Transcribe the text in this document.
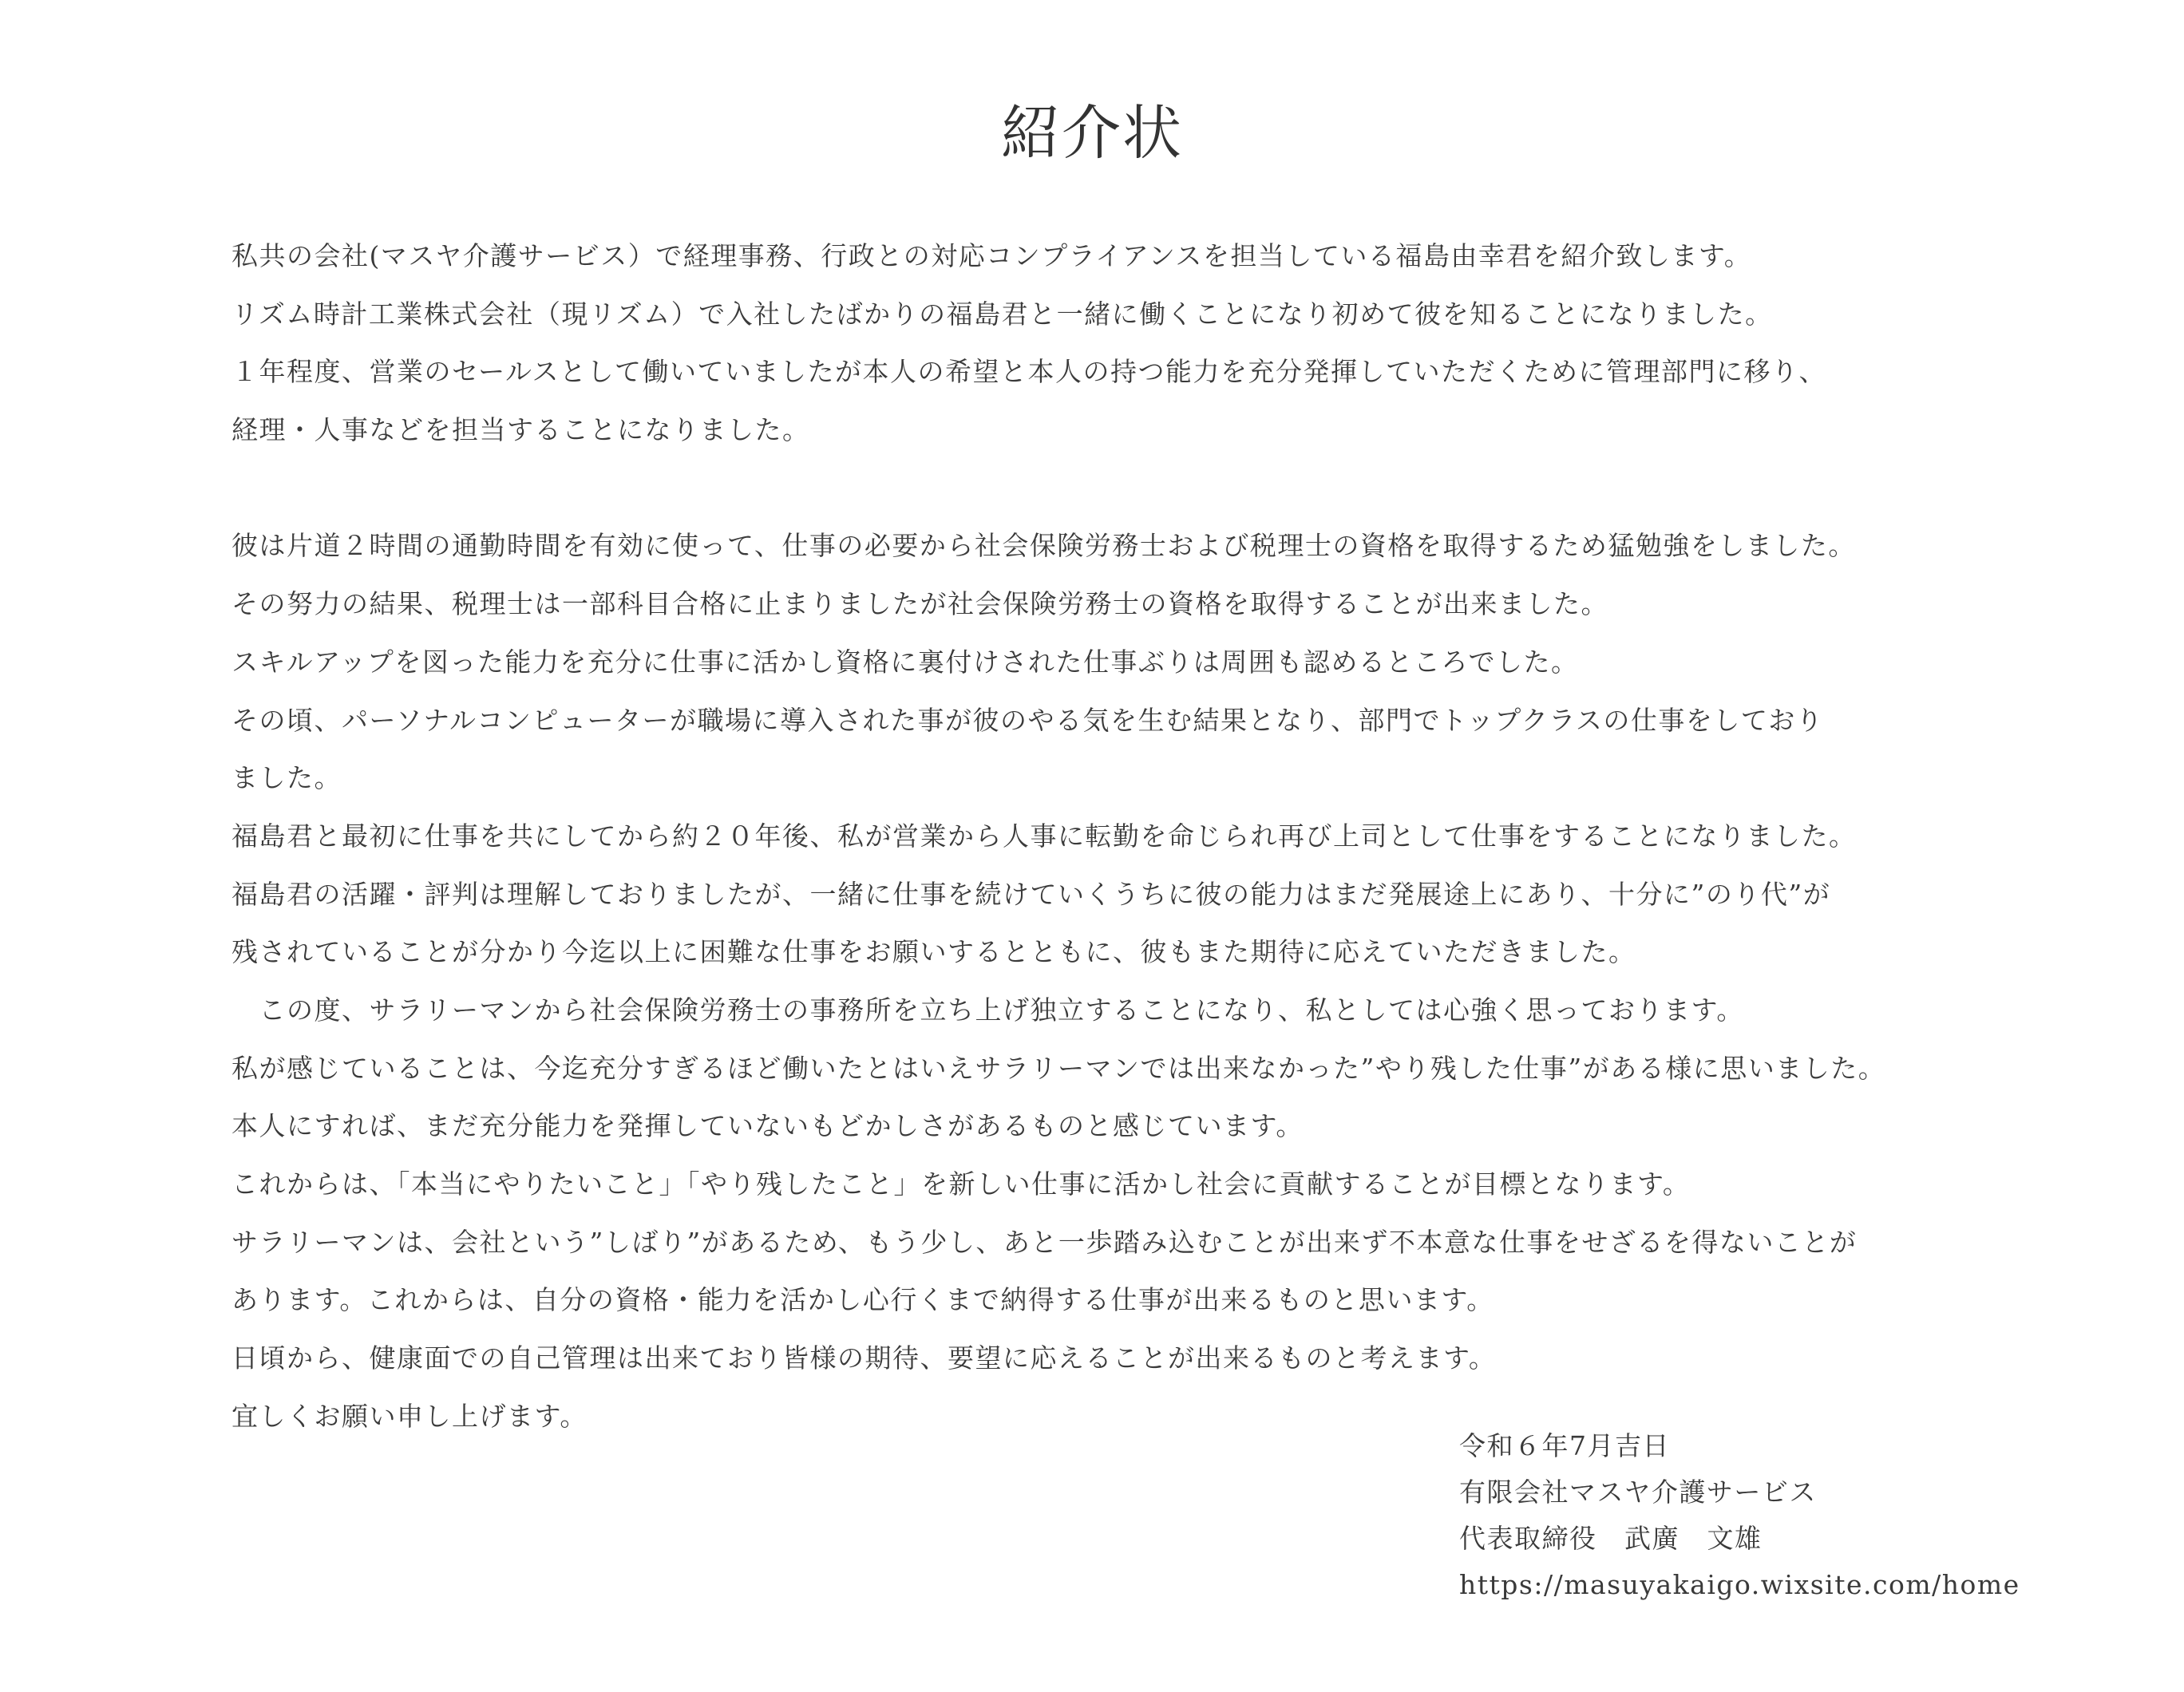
紹介状
私共の会社(マスヤ介護サービス）で経理事務、行政との対応コンプライアンスを担当している福島由幸君を紹介致します。
リズム時計工業株式会社（現リズム）で入社したばかりの福島君と一緒に働くことになり初めて彼を知ることになりました。
１年程度、営業のセールスとして働いていましたが本人の希望と本人の持つ能力を充分発揮していただくために管理部門に移り、
経理・人事などを担当することになりました。
彼は片道２時間の通勤時間を有効に使って、仕事の必要から社会保険労務士および税理士の資格を取得するため猛勉強をしました。
その努力の結果、税理士は一部科目合格に止まりましたが社会保険労務士の資格を取得することが出来ました。
スキルアップを図った能力を充分に仕事に活かし資格に裏付けされた仕事ぶりは周囲も認めるところでした。
その頃、パーソナルコンピューターが職場に導入された事が彼のやる気を生む結果となり、部門でトップクラスの仕事をしており
ました。
福島君と最初に仕事を共にしてから約２０年後、私が営業から人事に転勤を命じられ再び上司として仕事をすることになりました。
福島君の活躍・評判は理解しておりましたが、一緒に仕事を続けていくうちに彼の能力はまだ発展途上にあり、十分に”のり代”が
残されていることが分かり今迄以上に困難な仕事をお願いするとともに、彼もまた期待に応えていただきました。
　この度、サラリーマンから社会保険労務士の事務所を立ち上げ独立することになり、私としては心強く思っております。
私が感じていることは、今迄充分すぎるほど働いたとはいえサラリーマンでは出来なかった”やり残した仕事”がある様に思いました。
本人にすれば、まだ充分能力を発揮していないもどかしさがあるものと感じています。
これからは、「本当にやりたいこと」「やり残したこと」を新しい仕事に活かし社会に貢献することが目標となります。
サラリーマンは、会社という”しばり”があるため、もう少し、あと一歩踏み込むことが出来ず不本意な仕事をせざるを得ないことが
あります。これからは、自分の資格・能力を活かし心行くまで納得する仕事が出来るものと思います。
日頃から、健康面での自己管理は出来ており皆様の期待、要望に応えることが出来るものと考えます。
宜しくお願い申し上げます。
令和６年7月吉日
有限会社マスヤ介護サービス
代表取締役　武廣　文雄
https://masuyakaigo.wixsite.com/home
